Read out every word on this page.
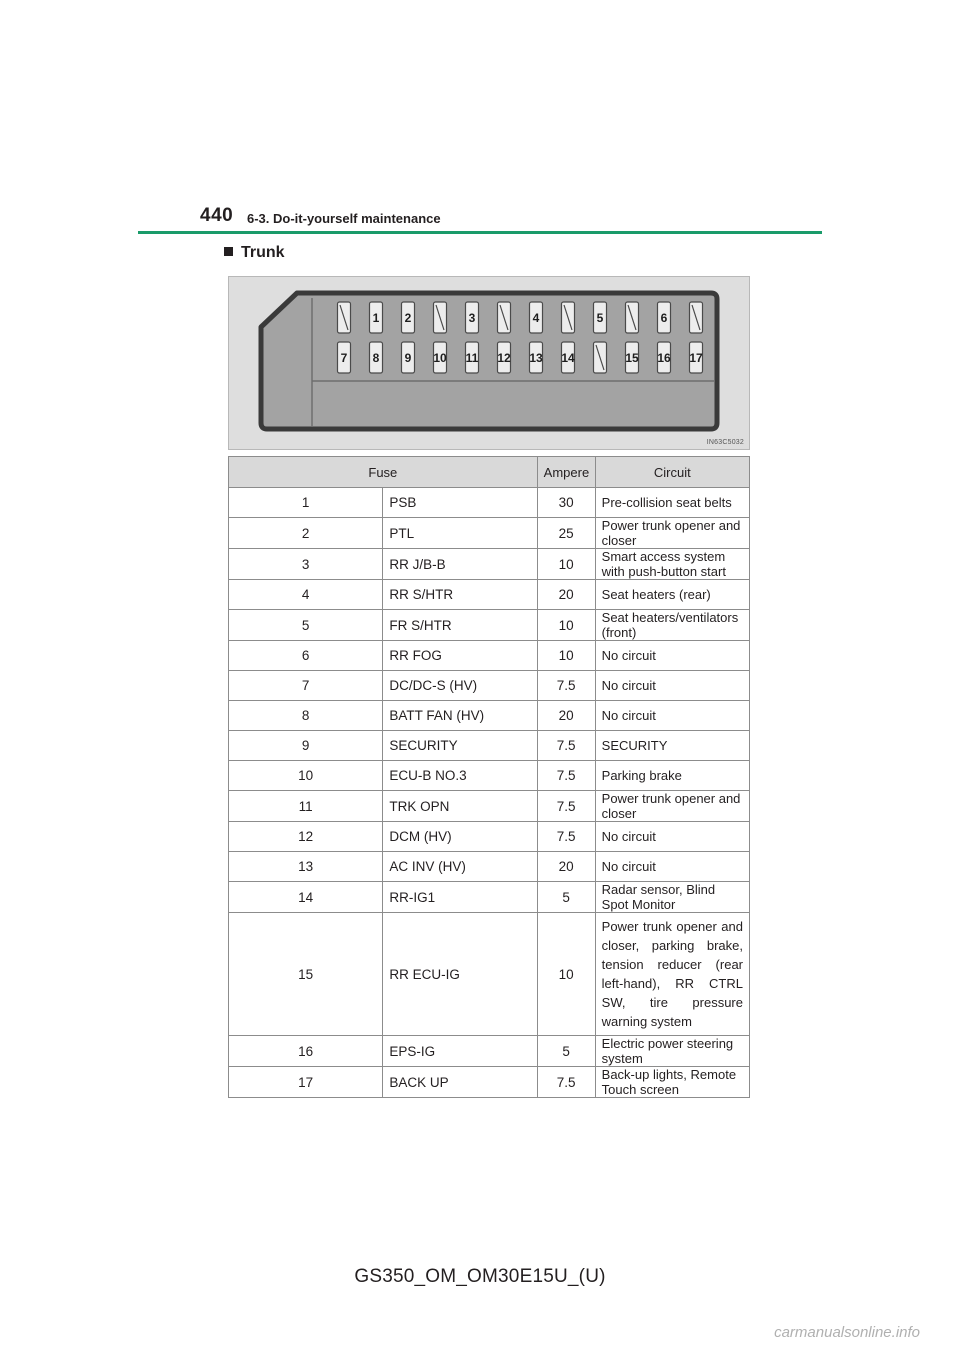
440 6-3. Do-it-yourself maintenance
Trunk
1 2	3	4	5	6
7 8 9 10 11 12 13 14	15 16 17
IN63C5032
Fuse		Ampere	Circuit
1	PSB	30	Pre-collision seat belts
2	PTL	25	Power trunk opener and closer
3	RR J/B-B	10	Smart access system with push-button start
4	RR S/HTR	20	Seat heaters (rear)
5	FR S/HTR	10	Seat heaters/ventilators (front)
6	RR FOG	10	No circuit
7	DC/DC-S (HV)	7.5	No circuit
8	BATT FAN (HV)	20	No circuit
9	SECURITY	7.5	SECURITY
10	ECU-B NO.3	7.5	Parking brake
11	TRK OPN	7.5	Power trunk opener and closer
12	DCM (HV)	7.5	No circuit
13	AC INV (HV)	20	No circuit
14	RR-IG1	5	Radar sensor, Blind Spot Monitor
15	RR ECU-IG	10	Power trunk opener and closer, parking brake, tension reducer (rear left-hand), RR CTRL SW, tire pressure warning system
16	EPS-IG	5	Electric power steering system
17	BACK UP	7.5	Back-up lights, Remote Touch screen
GS350_OM_OM30E15U_(U)
carmanualsonline.info
